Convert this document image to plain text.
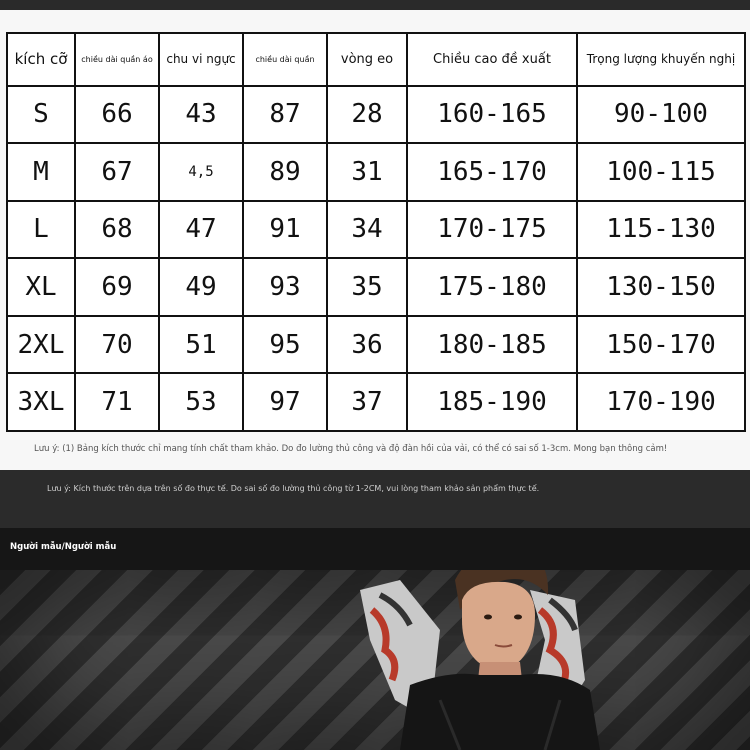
kích cỡ	chiều dài quần áo	chu vi ngực	chiều dài quần	vòng eo	Chiều cao đề xuất	Trọng lượng khuyến nghị
S	66	43	87	28	160-165	90-100
M	67	4,5	89	31	165-170	100-115
L	68	47	91	34	170-175	115-130
XL	69	49	93	35	175-180	130-150
2XL	70	51	95	36	180-185	150-170
3XL	71	53	97	37	185-190	170-190
Lưu ý: (1) Bảng kích thước chỉ mang tính chất tham khảo. Do đo lường thủ công và độ đàn hồi của vải, có thể có sai số 1-3cm. Mong bạn thông cảm!
Lưu ý: Kích thước trên dựa trên số đo thực tế. Do sai số đo lường thủ công từ 1-2CM, vui lòng tham khảo sản phẩm thực tế.
Người mẫu/Người mẫu
